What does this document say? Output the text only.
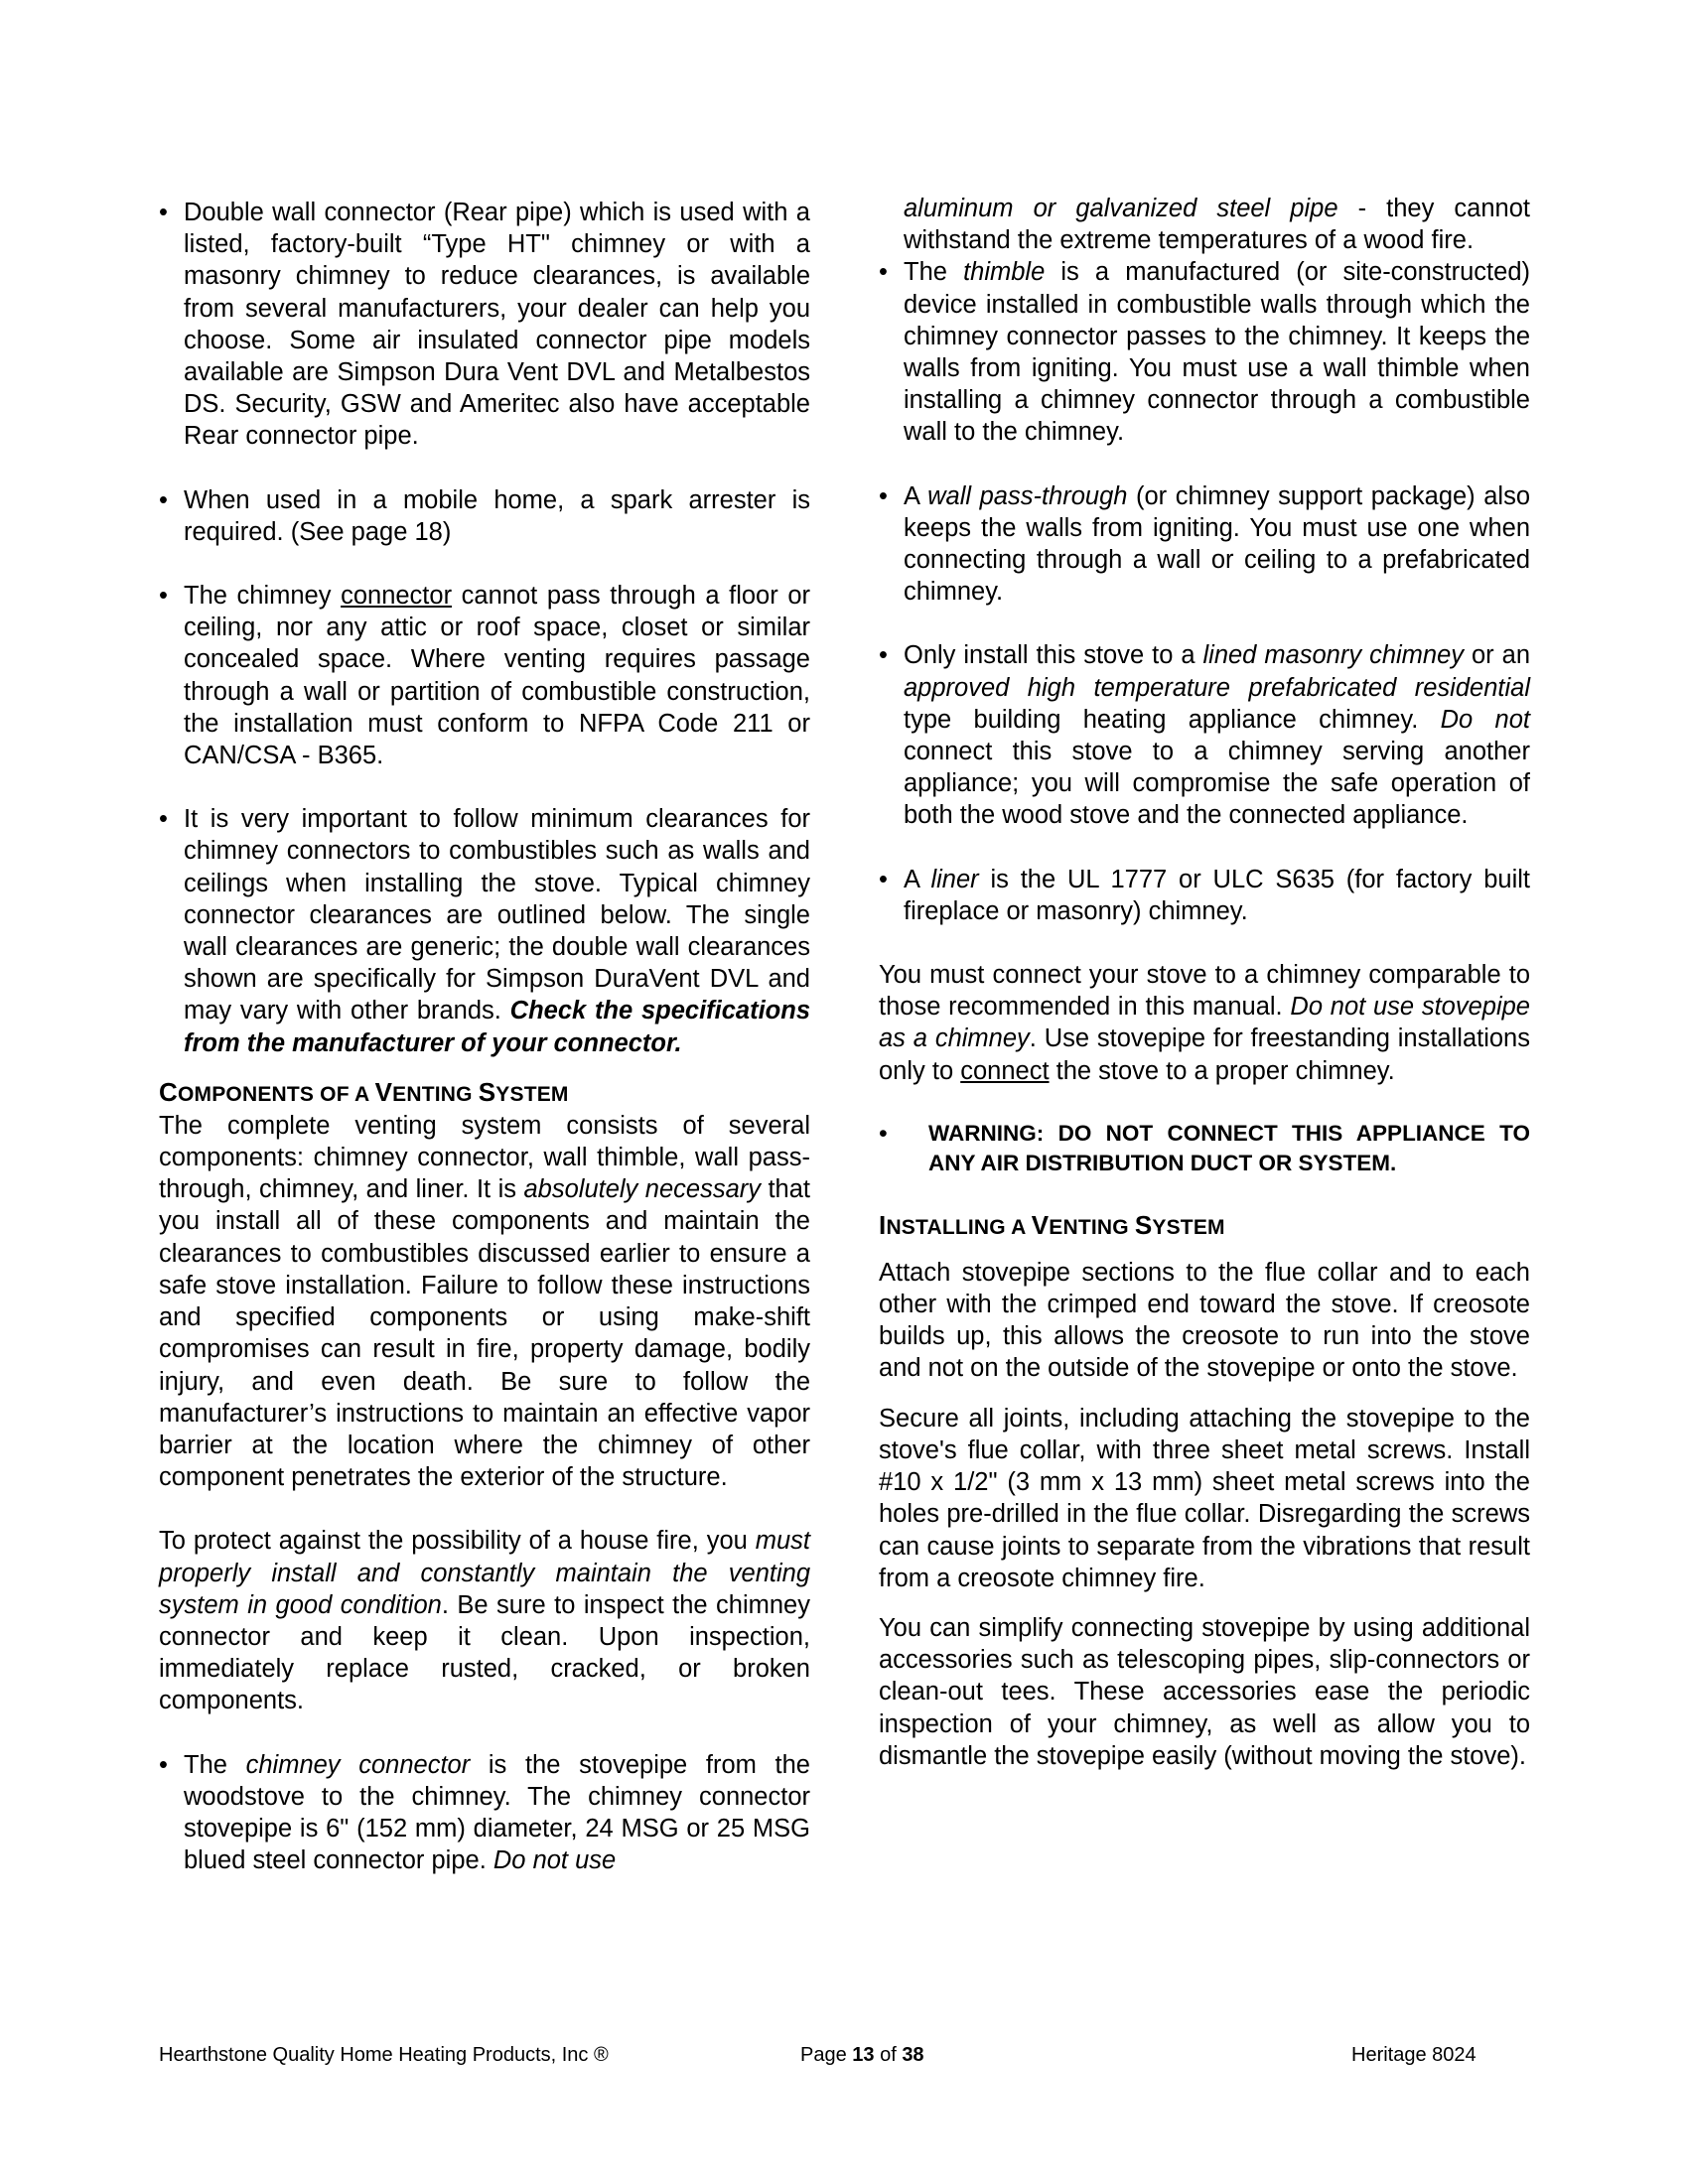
• Double wall connector (Rear pipe) which is used with a listed, factory-built “Type HT" chimney or with a masonry chimney to reduce clearances, is available from several manufacturers, your dealer can help you choose. Some air insulated connector pipe models available are Simpson Dura Vent DVL and Metalbestos DS. Security, GSW and Ameritec also have acceptable Rear connector pipe.

• When used in a mobile home, a spark arrester is required. (See page 18)

• The chimney connector cannot pass through a floor or ceiling, nor any attic or roof space, closet or similar concealed space. Where venting requires passage through a wall or partition of combustible construction, the installation must conform to NFPA Code 211 or CAN/CSA - B365.

• It is very important to follow minimum clearances for chimney connectors to combustibles such as walls and ceilings when installing the stove. Typical chimney connector clearances are outlined below. The single wall clearances are generic; the double wall clearances shown are specifically for Simpson DuraVent DVL and may vary with other brands. Check the specifications from the manufacturer of your connector.

COMPONENTS OF A VENTING SYSTEM

The complete venting system consists of several components: chimney connector, wall thimble, wall pass-through, chimney, and liner. It is absolutely necessary that you install all of these components and maintain the clearances to combustibles discussed earlier to ensure a safe stove installation. Failure to follow these instructions and specified components or using make-shift compromises can result in fire, property damage, bodily injury, and even death. Be sure to follow the manufacturer’s instructions to maintain an effective vapor barrier at the location where the chimney of other component penetrates the exterior of the structure.

To protect against the possibility of a house fire, you must properly install and constantly maintain the venting system in good condition. Be sure to inspect the chimney connector and keep it clean. Upon inspection, immediately replace rusted, cracked, or broken components.

• The chimney connector is the stovepipe from the woodstove to the chimney. The chimney connector stovepipe is 6" (152 mm) diameter, 24 MSG or 25 MSG blued steel connector pipe. Do not use

aluminum or galvanized steel pipe - they cannot withstand the extreme temperatures of a wood fire.

• The thimble is a manufactured (or site-constructed) device installed in combustible walls through which the chimney connector passes to the chimney. It keeps the walls from igniting. You must use a wall thimble when installing a chimney connector through a combustible wall to the chimney.

• A wall pass-through (or chimney support package) also keeps the walls from igniting. You must use one when connecting through a wall or ceiling to a prefabricated chimney.

• Only install this stove to a lined masonry chimney or an approved high temperature prefabricated residential type building heating appliance chimney. Do not connect this stove to a chimney serving another appliance; you will compromise the safe operation of both the wood stove and the connected appliance.

• A liner is the UL 1777 or ULC S635 (for factory built fireplace or masonry) chimney.

You must connect your stove to a chimney comparable to those recommended in this manual. Do not use stovepipe as a chimney. Use stovepipe for freestanding installations only to connect the stove to a proper chimney.

• WARNING: DO NOT CONNECT THIS APPLIANCE TO ANY AIR DISTRIBUTION DUCT OR SYSTEM.

INSTALLING A VENTING SYSTEM

Attach stovepipe sections to the flue collar and to each other with the crimped end toward the stove. If creosote builds up, this allows the creosote to run into the stove and not on the outside of the stovepipe or onto the stove.

Secure all joints, including attaching the stovepipe to the stove's flue collar, with three sheet metal screws. Install #10 x 1/2" (3 mm x 13 mm) sheet metal screws into the holes pre-drilled in the flue collar. Disregarding the screws can cause joints to separate from the vibrations that result from a creosote chimney fire.

You can simplify connecting stovepipe by using additional accessories such as telescoping pipes, slip-connectors or clean-out tees. These accessories ease the periodic inspection of your chimney, as well as allow you to dismantle the stovepipe easily (without moving the stove).

Hearthstone Quality Home Heating Products, Inc ®	Page 13 of 38	Heritage 8024
